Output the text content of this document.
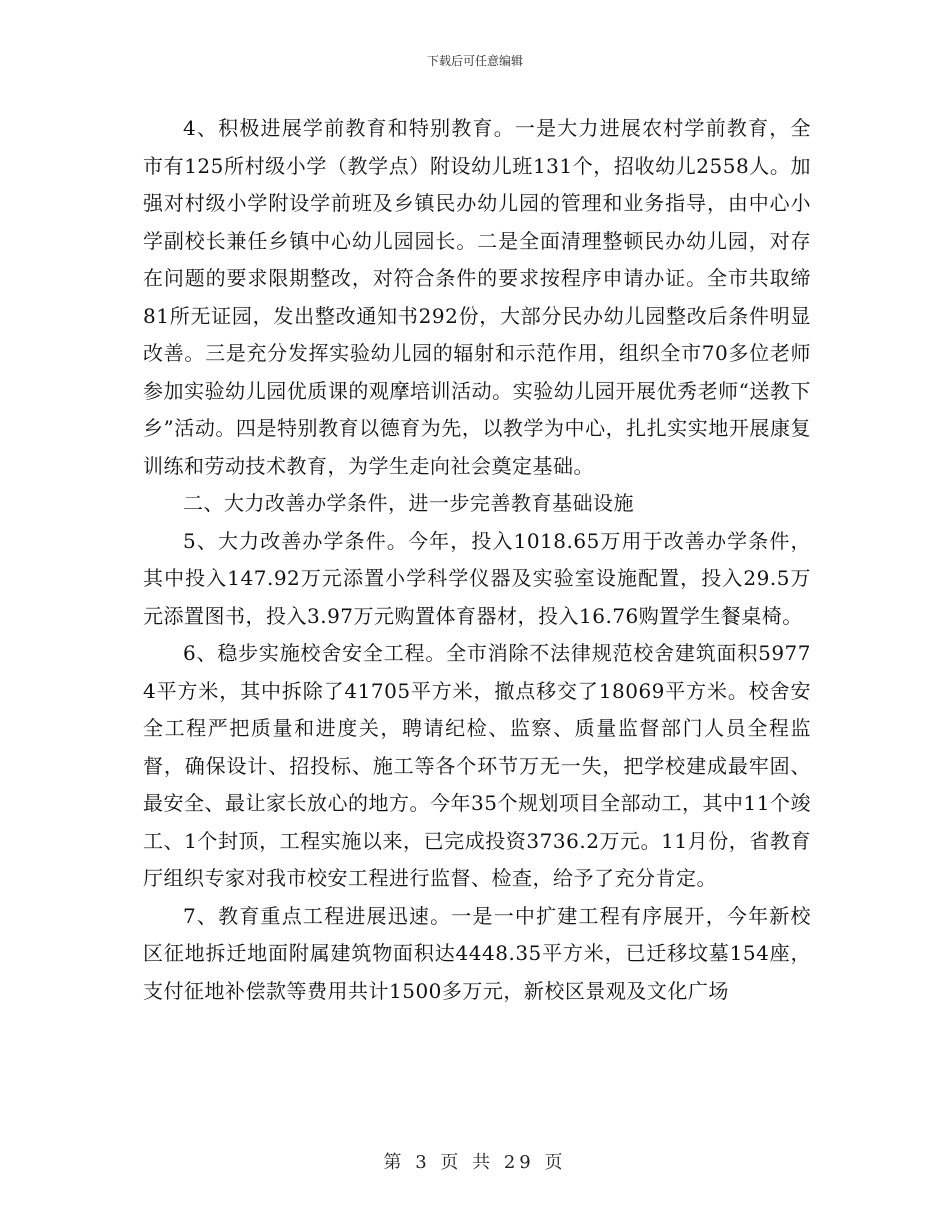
下载后可任意编辑

4、积极进展学前教育和特别教育。一是大力进展农村学前教育，全市有125所村级小学（教学点）附设幼儿班131个，招收幼儿2558人。加强对村级小学附设学前班及乡镇民办幼儿园的管理和业务指导，由中心小学副校长兼任乡镇中心幼儿园园长。二是全面清理整顿民办幼儿园，对存在问题的要求限期整改，对符合条件的要求按程序申请办证。全市共取缔81所无证园，发出整改通知书292份，大部分民办幼儿园整改后条件明显改善。三是充分发挥实验幼儿园的辐射和示范作用，组织全市70多位老师参加实验幼儿园优质课的观摩培训活动。实验幼儿园开展优秀老师“送教下乡”活动。四是特别教育以德育为先，以教学为中心，扎扎实实地开展康复训练和劳动技术教育，为学生走向社会奠定基础。

二、大力改善办学条件，进一步完善教育基础设施

5、大力改善办学条件。今年，投入1018.65万用于改善办学条件，其中投入147.92万元添置小学科学仪器及实验室设施配置，投入29.5万元添置图书，投入3.97万元购置体育器材，投入16.76购置学生餐桌椅。

6、稳步实施校舍安全工程。全市消除不法律规范校舍建筑面积59774平方米，其中拆除了41705平方米，撤点移交了18069平方米。校舍安全工程严把质量和进度关，聘请纪检、监察、质量监督部门人员全程监督，确保设计、招投标、施工等各个环节万无一失，把学校建成最牢固、最安全、最让家长放心的地方。今年35个规划项目全部动工，其中11个竣工、1个封顶，工程实施以来，已完成投资3736.2万元。11月份，省教育厅组织专家对我市校安工程进行监督、检查，给予了充分肯定。

7、教育重点工程进展迅速。一是一中扩建工程有序展开，今年新校区征地拆迁地面附属建筑物面积达4448.35平方米，已迁移坟墓154座，支付征地补偿款等费用共计1500多万元，新校区景观及文化广场

第 3 页 共 29 页
